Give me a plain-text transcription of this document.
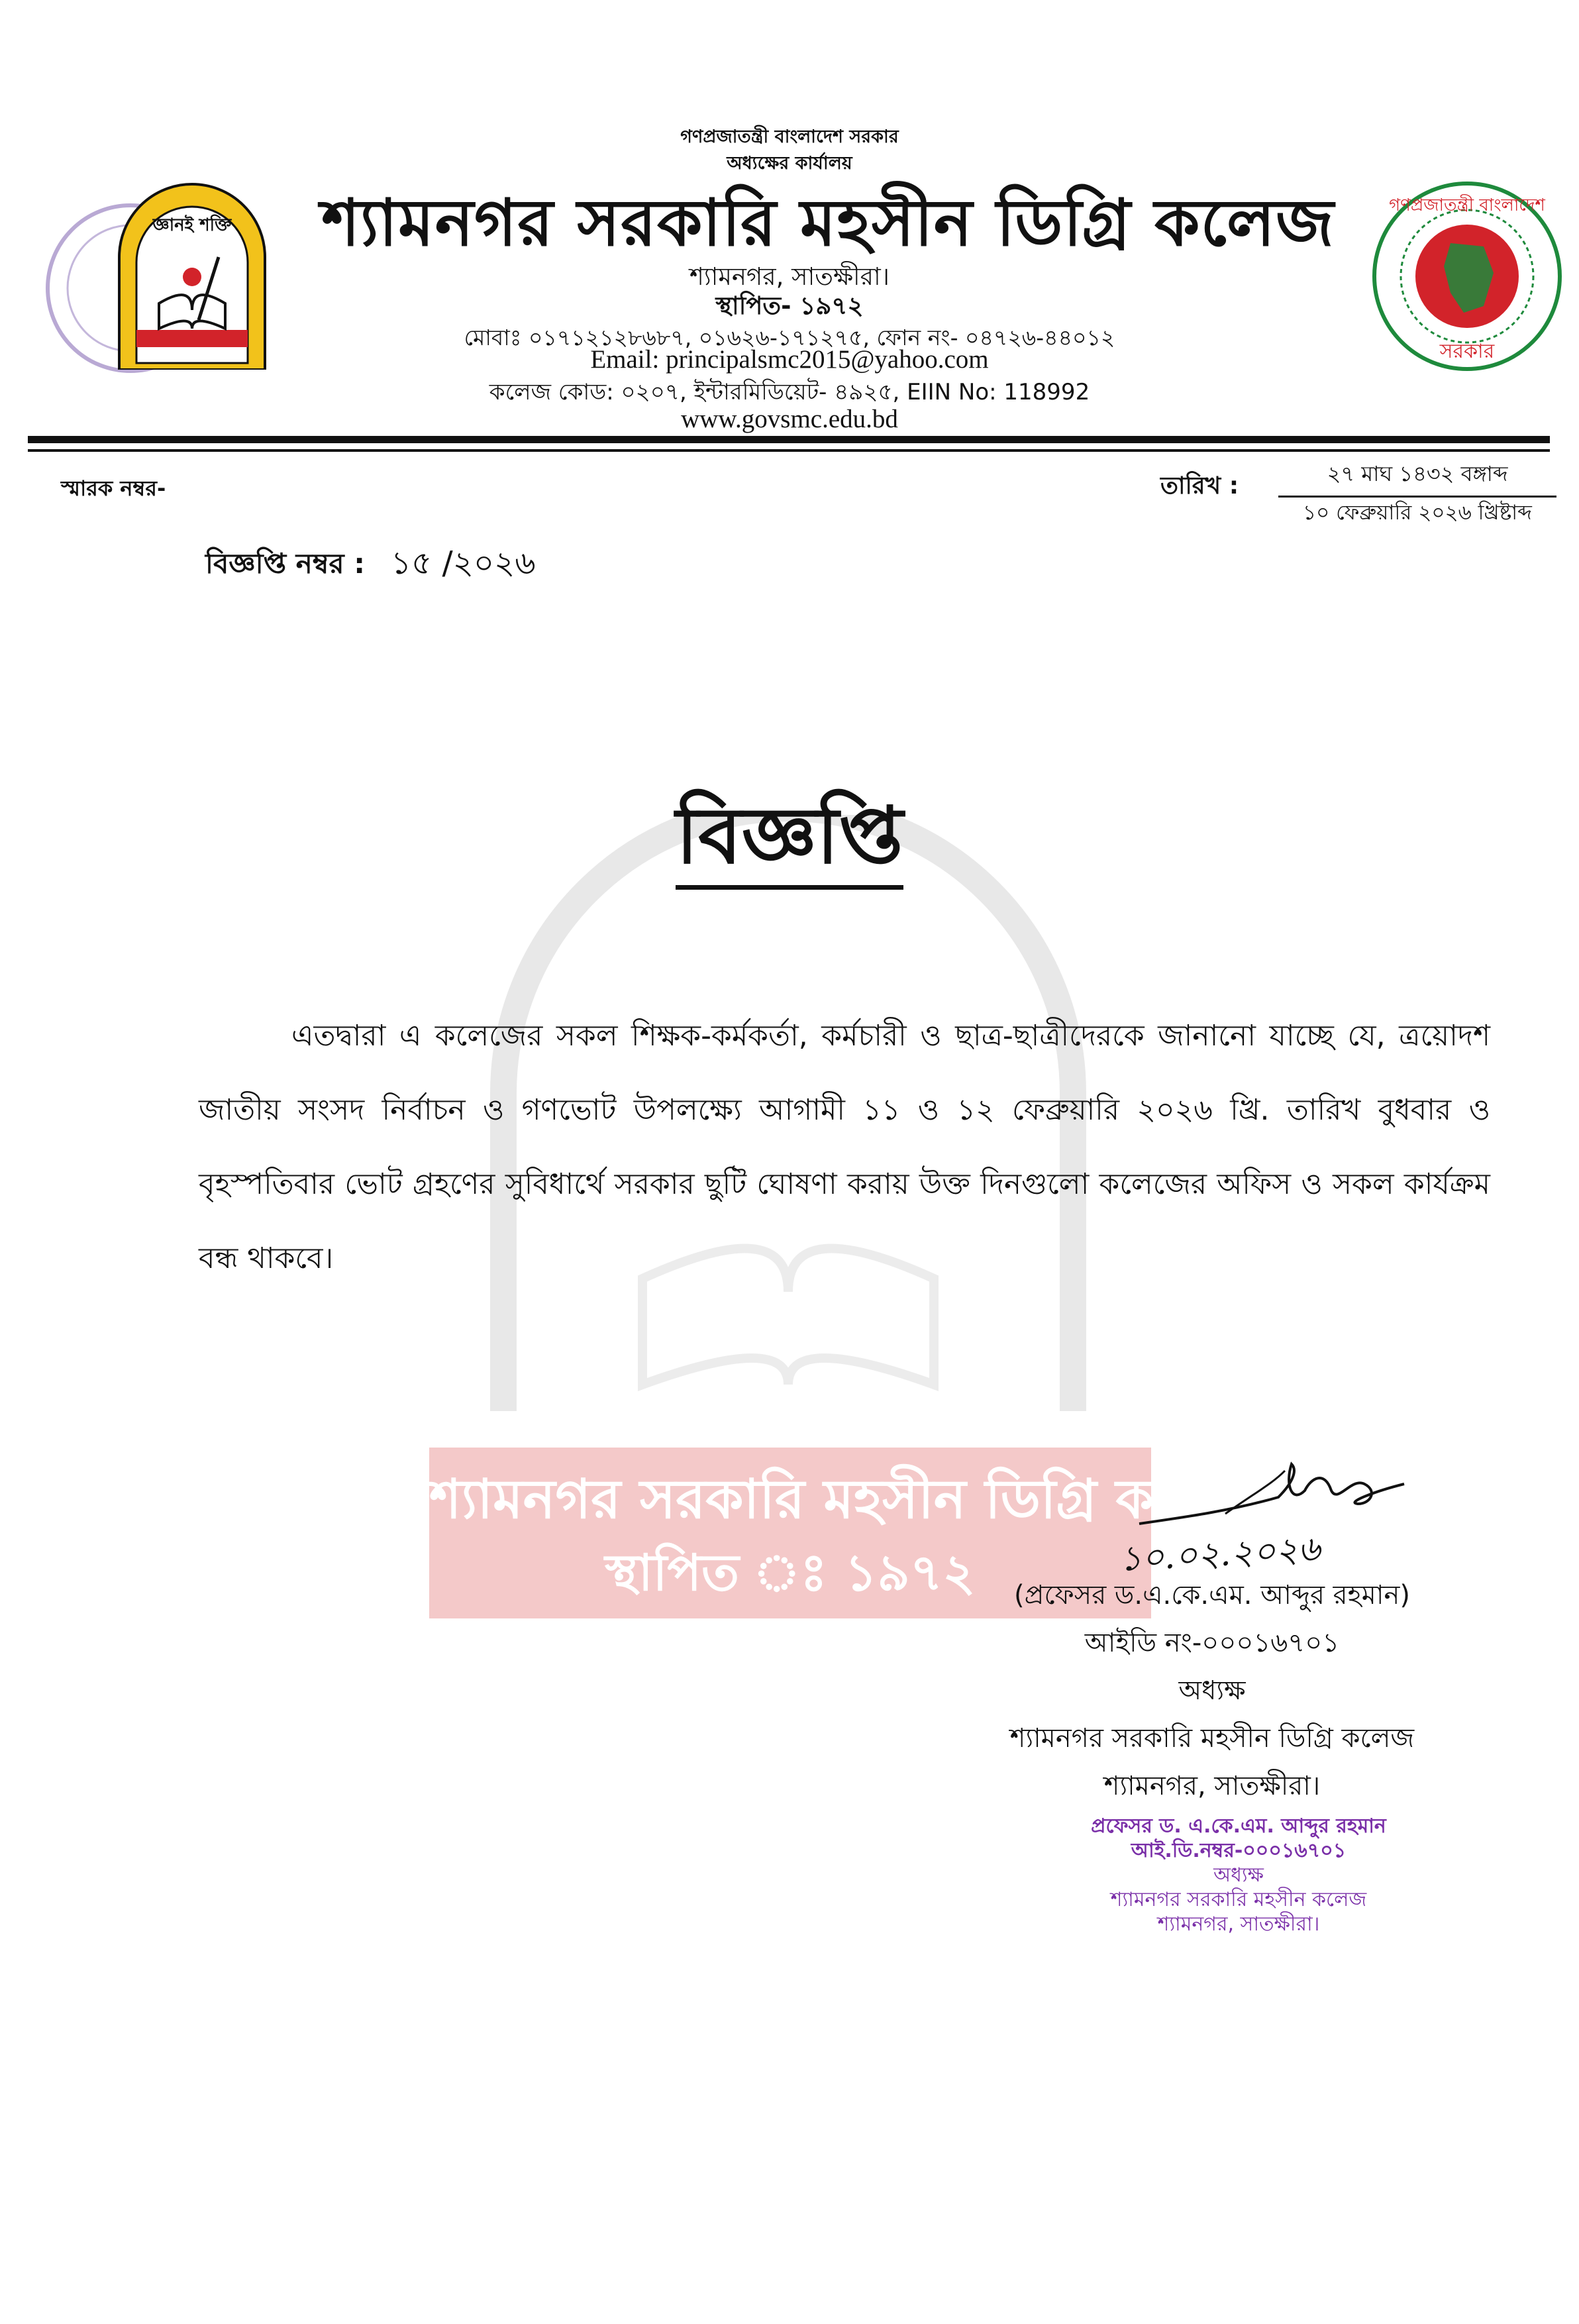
জ্ঞানই শক্তি
গণপ্রজাতন্ত্রী বাংলাদেশ
সরকার
গণপ্রজাতন্ত্রী বাংলাদেশ সরকার
অধ্যক্ষের কার্যালয়
শ্যামনগর সরকারি মহসীন ডিগ্রি কলেজ
শ্যামনগর, সাতক্ষীরা।
স্থাপিত- ১৯৭২
মোবাঃ ০১৭১২১২৮৬৮৭, ০১৬২৬-১৭১২৭৫, ফোন নং- ০৪৭২৬-৪৪০১২
Email: principalsmc2015@yahoo.com
কলেজ কোড: ০২০৭, ইন্টারমিডিয়েট- ৪৯২৫, EIIN No: 118992
www.govsmc.edu.bd
স্মারক নম্বর-	তারিখ :	২৭ মাঘ ১৪৩২ বঙ্গাব্দ
১০ ফেব্রুয়ারি ২০২৬ খ্রিষ্টাব্দ
বিজ্ঞপ্তি নম্বর : ১৫ /২০২৬
শ্যামনগর সরকারি মহসীন ডিগ্রি কলেজ
স্থাপিত ঃ ১৯৭২
বিজ্ঞপ্তি
এতদ্বারা এ কলেজের সকল শিক্ষক-কর্মকর্তা, কর্মচারী ও ছাত্র-ছাত্রীদেরকে জানানো যাচ্ছে যে, ত্রয়োদশ জাতীয় সংসদ নির্বাচন ও গণভোট উপলক্ষ্যে আগামী ১১ ও ১২ ফেব্রুয়ারি ২০২৬ খ্রি. তারিখ বুধবার ও বৃহস্পতিবার ভোট গ্রহণের সুবিধার্থে সরকার ছুটি ঘোষণা করায় উক্ত দিনগুলো কলেজের অফিস ও সকল কার্যক্রম বন্ধ থাকবে।
১০.০২.২০২৬
(প্রফেসর ড.এ.কে.এম. আব্দুর রহমান)
আইডি নং-০০০১৬৭০১
অধ্যক্ষ
শ্যামনগর সরকারি মহসীন ডিগ্রি কলেজ
শ্যামনগর, সাতক্ষীরা।
প্রফেসর ড. এ.কে.এম. আব্দুর রহমান
আই.ডি.নম্বর-০০০১৬৭০১
অধ্যক্ষ
শ্যামনগর সরকারি মহসীন কলেজ
শ্যামনগর, সাতক্ষীরা।
